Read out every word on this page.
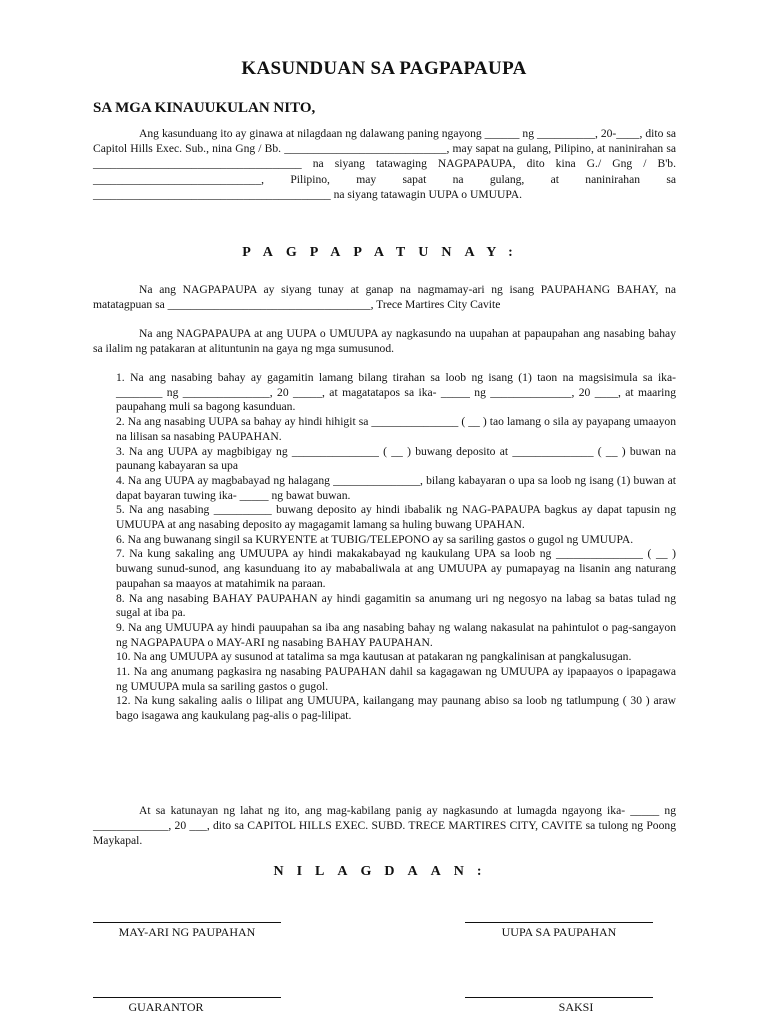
KASUNDUAN SA PAGPAPAUPA
SA MGA KINAUUKULAN NITO,

Ang kasunduang ito ay ginawa at nilagdaan ng dalawang paning ngayong ______ ng __________, 20-____, dito sa Capitol Hills Exec. Sub., nina Gng / Bb. ____________________________, may sapat na gulang, Pilipino, at naninirahan sa ____________________________________ na siyang tatawaging NAGPAPAUPA, dito kina G./ Gng / B'b. _____________________________, Pilipino, may sapat na gulang, at naninirahan sa _________________________________________ na siyang tatawagin UUPA o UMUUPA.

PAGPAPATUNAY:

Na ang NAGPAPAUPA ay siyang tunay at ganap na nagmamay-ari ng isang PAUPAHANG BAHAY, na matatagpuan sa ___________________________________, Trece Martires City Cavite

Na ang NAGPAPAUPA at ang UUPA o UMUUPA ay nagkasundo na uupahan at papaupahan ang nasabing bahay sa ilalim ng patakaran at alituntunin na gaya ng mga sumusunod.

1. Na ang nasabing bahay ay gagamitin lamang bilang tirahan sa loob ng isang (1) taon na magsisimula sa ika- ________ ng _______________, 20 _____, at magatatapos sa ika- _____ ng ______________, 20 ____, at maaring paupahang muli sa bagong kasunduan.

2. Na ang nasabing UUPA sa bahay ay hindi hihigit sa _______________ ( __ ) tao lamang o sila ay payapang umaayon na lilisan sa nasabing PAUPAHAN.

3. Na ang UUPA ay magbibigay ng _______________ ( __ ) buwang deposito at ______________ ( __ ) buwan na paunang kabayaran sa upa

4. Na ang UUPA ay magbabayad ng halagang _______________, bilang kabayaran o upa sa loob ng isang (1) buwan at dapat bayaran tuwing ika- _____ ng bawat buwan.

5. Na ang nasabing __________ buwang deposito ay hindi ibabalik ng NAG-PAPAUPA bagkus ay dapat tapusin ng UMUUPA at ang nasabing deposito ay magagamit lamang sa huling buwang UPAHAN.

6. Na ang buwanang singil sa KURYENTE at TUBIG/TELEPONO ay sa sariling gastos o gugol ng UMUUPA.

7. Na kung sakaling ang UMUUPA ay hindi makakabayad ng kaukulang UPA sa loob ng _______________ ( __ ) buwang sunud-sunod, ang kasunduang ito ay mababaliwala at ang UMUUPA ay pumapayag na lisanin ang naturang paupahan sa maayos at matahimik na paraan.

8. Na ang nasabing BAHAY PAUPAHAN ay hindi gagamitin sa anumang uri ng negosyo na labag sa batas tulad ng sugal at iba pa.

9. Na ang UMUUPA ay hindi pauupahan sa iba ang nasabing bahay ng walang nakasulat na pahintulot o pag-sangayon ng NAGPAPAUPA o MAY-ARI ng nasabing BAHAY PAUPAHAN.

10. Na ang UMUUPA ay susunod at tatalima sa mga kautusan at patakaran ng pangkalinisan at pangkalusugan.

11. Na ang anumang pagkasira ng nasabing PAUPAHAN dahil sa kagagawan ng UMUUPA ay ipapaayos o ipapagawa ng UMUUPA mula sa sariling gastos o gugol.

12. Na kung sakaling aalis o lilipat ang UMUUPA, kailangang may paunang abiso sa loob ng tatlumpung ( 30 ) araw bago isagawa ang kaukulang pag-alis o pag-lilipat.

At sa katunayan ng lahat ng ito, ang mag-kabilang panig ay nagkasundo at lumagda ngayong ika- _____ ng _____________, 20 ___, dito sa CAPITOL HILLS EXEC. SUBD. TRECE MARTIRES CITY, CAVITE sa tulong ng Poong Maykapal.

NILAGDAAN:
MAY-ARI NG PAUPAHAN	UUPA SA PAUPAHAN
GUARANTOR	SAKSI
